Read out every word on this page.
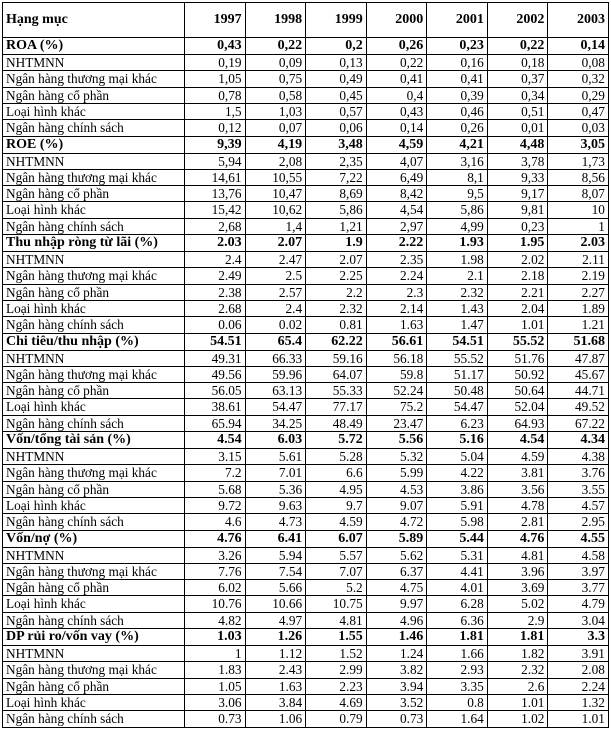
Hạng mục	1997	1998	1999	2000	2001	2002	2003
ROA (%)	0,43	0,22	0,2	0,26	0,23	0,22	0,14
NHTMNN	0,19	0,09	0,13	0,22	0,16	0,18	0,08
Ngân hàng thương mại khác	1,05	0,75	0,49	0,41	0,41	0,37	0,32
Ngân hàng cổ phần	0,78	0,58	0,45	0,4	0,39	0,34	0,29
Loại hình khác	1,5	1,03	0,57	0,43	0,46	0,51	0,47
Ngân hàng chính sách	0,12	0,07	0,06	0,14	0,26	0,01	0,03
ROE (%)	9,39	4,19	3,48	4,59	4,21	4,48	3,05
NHTMNN	5,94	2,08	2,35	4,07	3,16	3,78	1,73
Ngân hàng thương mại khác	14,61	10,55	7,22	6,49	8,1	9,33	8,56
Ngân hàng cổ phần	13,76	10,47	8,69	8,42	9,5	9,17	8,07
Loại hình khác	15,42	10,62	5,86	4,54	5,86	9,81	10
Ngân hàng chính sách	2,68	1,4	1,21	2,97	4,99	0,23	1
Thu nhập ròng từ lãi (%)	2.03	2.07	1.9	2.22	1.93	1.95	2.03
NHTMNN	2.4	2.47	2.07	2.35	1.98	2.02	2.11
Ngân hàng thương mại khác	2.49	2.5	2.25	2.24	2.1	2.18	2.19
Ngân hàng cổ phần	2.38	2.57	2.2	2.3	2.32	2.21	2.27
Loại hình khác	2.68	2.4	2.32	2.14	1.43	2.04	1.89
Ngân hàng chính sách	0.06	0.02	0.81	1.63	1.47	1.01	1.21
Chi tiêu/thu nhập (%)	54.51	65.4	62.22	56.61	54.51	55.52	51.68
NHTMNN	49.31	66.33	59.16	56.18	55.52	51.76	47.87
Ngân hàng thương mại khác	49.56	59.96	64.07	59.8	51.17	50.92	45.67
Ngân hàng cổ phần	56.05	63.13	55.33	52.24	50.48	50.64	44.71
Loại hình khác	38.61	54.47	77.17	75.2	54.47	52.04	49.52
Ngân hàng chính sách	65.94	34.25	48.49	23.47	6.23	64.93	67.22
Vốn/tổng tài sản (%)	4.54	6.03	5.72	5.56	5.16	4.54	4.34
NHTMNN	3.15	5.61	5.28	5.32	5.04	4.59	4.38
Ngân hàng thương mại khác	7.2	7.01	6.6	5.99	4.22	3.81	3.76
Ngân hàng cổ phần	5.68	5.36	4.95	4.53	3.86	3.56	3.55
Loại hình khác	9.72	9.63	9.7	9.07	5.91	4.78	4.57
Ngân hàng chính sách	4.6	4.73	4.59	4.72	5.98	2.81	2.95
Vốn/nợ (%)	4.76	6.41	6.07	5.89	5.44	4.76	4.55
NHTMNN	3.26	5.94	5.57	5.62	5.31	4.81	4.58
Ngân hàng thương mại khác	7.76	7.54	7.07	6.37	4.41	3.96	3.97
Ngân hàng cổ phần	6.02	5.66	5.2	4.75	4.01	3.69	3.77
Loại hình khác	10.76	10.66	10.75	9.97	6.28	5.02	4.79
Ngân hàng chính sách	4.82	4.97	4.81	4.96	6.36	2.9	3.04
DP rủi ro/vốn vay (%)	1.03	1.26	1.55	1.46	1.81	1.81	3.3
NHTMNN	1	1.12	1.52	1.24	1.66	1.82	3.91
Ngân hàng thương mại khác	1.83	2.43	2.99	3.82	2.93	2.32	2.08
Ngân hàng cổ phần	1.05	1.63	2.23	3.94	3.35	2.6	2.24
Loại hình khác	3.06	3.84	4.69	3.52	0.8	1.01	1.32
Ngân hàng chính sách	0.73	1.06	0.79	0.73	1.64	1.02	1.01
